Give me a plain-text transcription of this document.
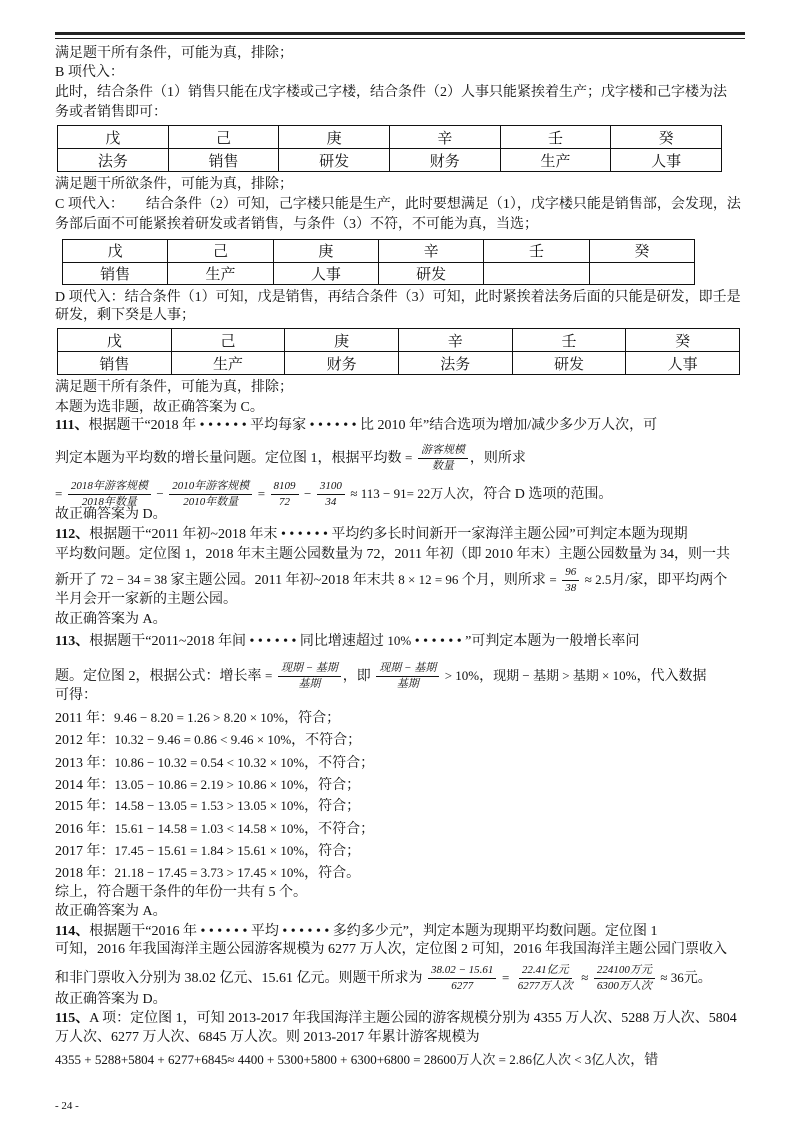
满足题干所有条件，可能为真，排除；
B 项代入：
此时，结合条件（1）销售只能在戊字楼或己字楼，结合条件（2）人事只能紧挨着生产；戊字楼和己字楼为法
务或者销售即可：
戊	己	庚	辛	壬	癸
法务	销售	研发	财务	生产	人事
满足题干所欲条件，可能为真，排除；
C 项代入： 结合条件（2）可知，己字楼只能是生产，此时要想满足（1），戊字楼只能是销售部，会发现，法
务部后面不可能紧挨着研发或者销售，与条件（3）不符，不可能为真，当选；
戊	己	庚	辛	壬	癸
销售	生产	人事	研发		
D 项代入：结合条件（1）可知，戊是销售，再结合条件（3）可知，此时紧挨着法务后面的只能是研发，即壬是
研发，剩下癸是人事；
戊	己	庚	辛	壬	癸
销售	生产	财务	法务	研发	人事
满足题干所有条件，可能为真，排除；
本题为选非题，故正确答案为 C。
111、根据题干“2018 年 • • • • • • 平均每家 • • • • • • 比 2010 年”结合选项为增加/减少多少万人次，可
判定本题为平均数的增长量问题。定位图 1，根据平均数 = $\frac{\text{游客规模}}{\text{数量}}$ ，则所求
= $\frac{\text{2018年游客规模}}{\text{2018年数量}} - \frac{\text{2010年游客规模}}{\text{2010年数量}} = \frac{8109}{72} - \frac{3100}{34} \approx 113 - 91= 22$万人次，符合 D 选项的范围。
故正确答案为 D。
112、根据题干“2011 年初~2018 年末 • • • • • • 平均约多长时间新开一家海洋主题公园”可判定本题为现期
平均数问题。定位图 1，2018 年末主题公园数量为 72，2011 年初（即 2010 年末）主题公园数量为 34，则一共
新开了 72 − 34 = 38 家主题公园。2011 年初~2018 年末共 8 × 12 = 96 个月，则所求 = $\frac{96}{38} \approx 2.5$月/家，即平均两个
半月会开一家新的主题公园。
故正确答案为 A。
113、根据题干“2011~2018 年间 • • • • • • 同比增速超过 10% • • • • • • ”可判定本题为一般增长率问
题。定位图 2，根据公式：增长率 = $\frac{\text{现期 − 基期}}{\text{基期}}$ ，即 $\frac{\text{现期 − 基期}}{\text{基期}} > 10\%$，现期 − 基期 > 基期 × 10%，代入数据
可得：
2011 年：9.46 − 8.20 = 1.26 > 8.20 × 10%，符合；
2012 年：10.32 − 9.46 = 0.86 < 9.46 × 10%，不符合；
2013 年：10.86 − 10.32 = 0.54 < 10.32 × 10%，不符合；
2014 年：13.05 − 10.86 = 2.19 > 10.86 × 10%，符合；
2015 年：14.58 − 13.05 = 1.53 > 13.05 × 10%，符合；
2016 年：15.61 − 14.58 = 1.03 < 14.58 × 10%，不符合；
2017 年：17.45 − 15.61 = 1.84 > 15.61 × 10%，符合；
2018 年：21.18 − 17.45 = 3.73 > 17.45 × 10%，符合。
综上，符合题干条件的年份一共有 5 个。
故正确答案为 A。
114、根据题干“2016 年 • • • • • • 平均 • • • • • • 多约多少元”，判定本题为现期平均数问题。定位图 1
可知，2016 年我国海洋主题公园游客规模为 6277 万人次，定位图 2 可知，2016 年我国海洋主题公园门票收入
和非门票收入分别为 38.02 亿元、15.61 亿元。则题干所求为 $\frac{38.02 - 15.61}{6277} = \frac{\text{22.41亿元}}{\text{6277万人次}} \approx \frac{\text{224100万元}}{\text{6300万人次}} \approx 36$元。
故正确答案为 D。
115、A 项：定位图 1，可知 2013-2017 年我国海洋主题公园的游客规模分别为 4355 万人次、5288 万人次、5804
万人次、6277 万人次、6845 万人次。则 2013-2017 年累计游客规模为
4355 + 5288+5804 + 6277+6845≈ 4400 + 5300+5800 + 6300+6800 = 28600万人次 = 2.86亿人次 < 3亿人次，错
- 24 -
